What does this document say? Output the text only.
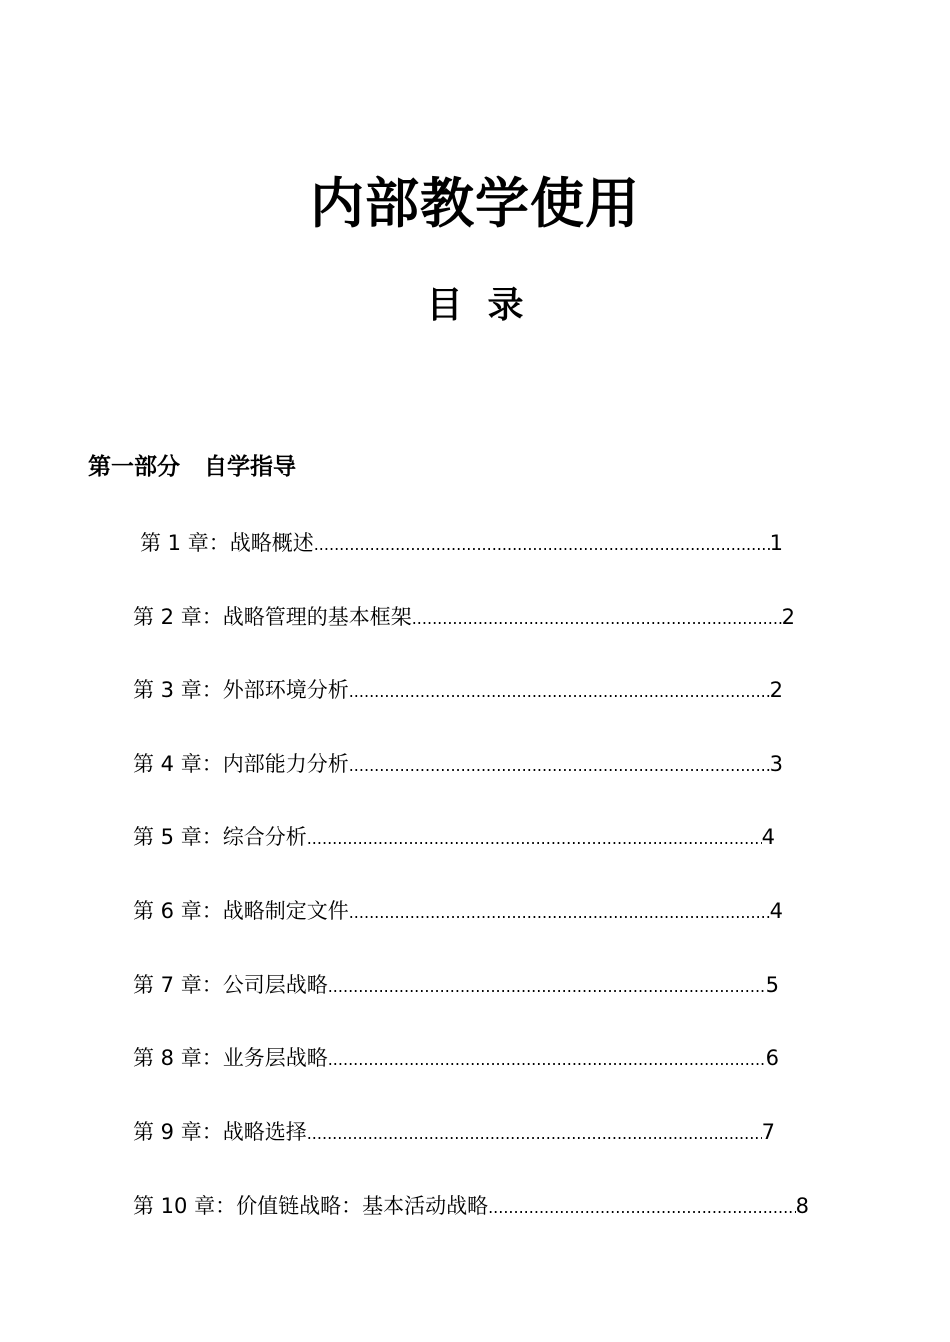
内部教学使用
目  录
第一部分   自学指导
第 1 章：战略概述 .....	1
第 2 章：战略管理的基本框架 .....	2
第 3 章：外部环境分析 .....	2
第 4 章：内部能力分析 .....	3
第 5 章：综合分析 .....	4
第 6 章：战略制定文件 .....	4
第 7 章：公司层战略 .....	5
第 8 章：业务层战略 .....	6
第 9 章：战略选择 .....	7
第 10 章：价值链战略：基本活动战略 .....	8
